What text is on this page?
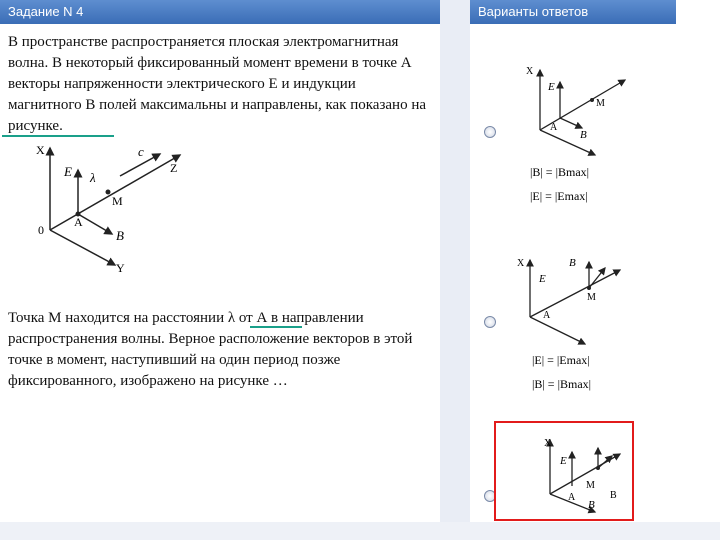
Задание N 4	Варианты ответов

В пространстве распространяется плоская электромагнитная волна. В некоторый фиксированный момент времени в точке А векторы напряженности электрического E и индукции магнитного B полей максимальны и направлены, как показано на рисунке.

X
Y
Z
0
A
M
E
B
c
λ

Точка М находится на расстоянии λ от А в направлении распространения волны. Верное расположение векторов в этой точке в момент, наступивший на один период позже фиксированного, изображено на рисунке …

X
M
A
E
B
|B| = |Bmax|
|E| = |Emax|
X
M
A
E
B
|E| = |Emax|
|B| = |Bmax|
X
M
A
E
B
B
